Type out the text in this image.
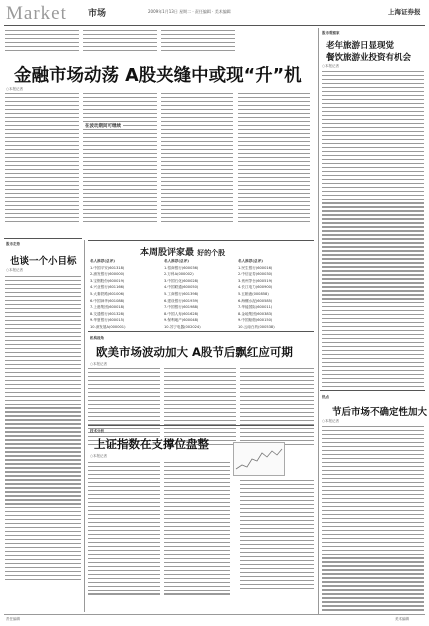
Market 市场	2009年1月13日 星期二 · 责任编辑 · 美术编辑	上海证券报
金融市场动荡 A股夹缝中或现“升”机
○本报记者
在波动期间可继续
股市走势
也谈一个小目标
○本报记者
本周股评家最 好的个股
名人推荐(总评)
1.中国平安(601318)
2.浦发银行(600000)
3.宝钢股份(600019)
4.兴业银行(601166)
5.大秦铁路(601006)
6.中国神华(601088)
7.上港集团(600018)
8.交通银行(601328)
9.华夏银行(600015)
10.深发展A(000001)
名人推荐(总评)
1.招商银行(600036)
2.万科A(000002)
3.中国石化(600028)
4.中国联通(600050)
5.工商银行(601398)
6.建设银行(601939)
7.中国银行(601988)
8.中国人寿(601628)
9.保利地产(600048)
10.苏宁电器(002024)
名人推荐(总评)
1.民生银行(600016)
2.中信证券(600030)
3.贵州茅台(600519)
4.长江电力(600900)
5.五粮液(000858)
6.海螺水泥(600585)
7.华能国际(600011)
8.金地集团(600383)
9.中国船舶(600150)
10.云南白药(000538)
机构视角
欧美市场波动加大 A股节后飘红应可期
○本报记者
技术分析
上证指数在支撑位盘整
○本报记者
股市观察家
老年旅游日显现觉
餐饮旅游业投资有机会
○本报记者
热点
节后市场不确定性加大
○本报记者
责任编辑	美术编辑
